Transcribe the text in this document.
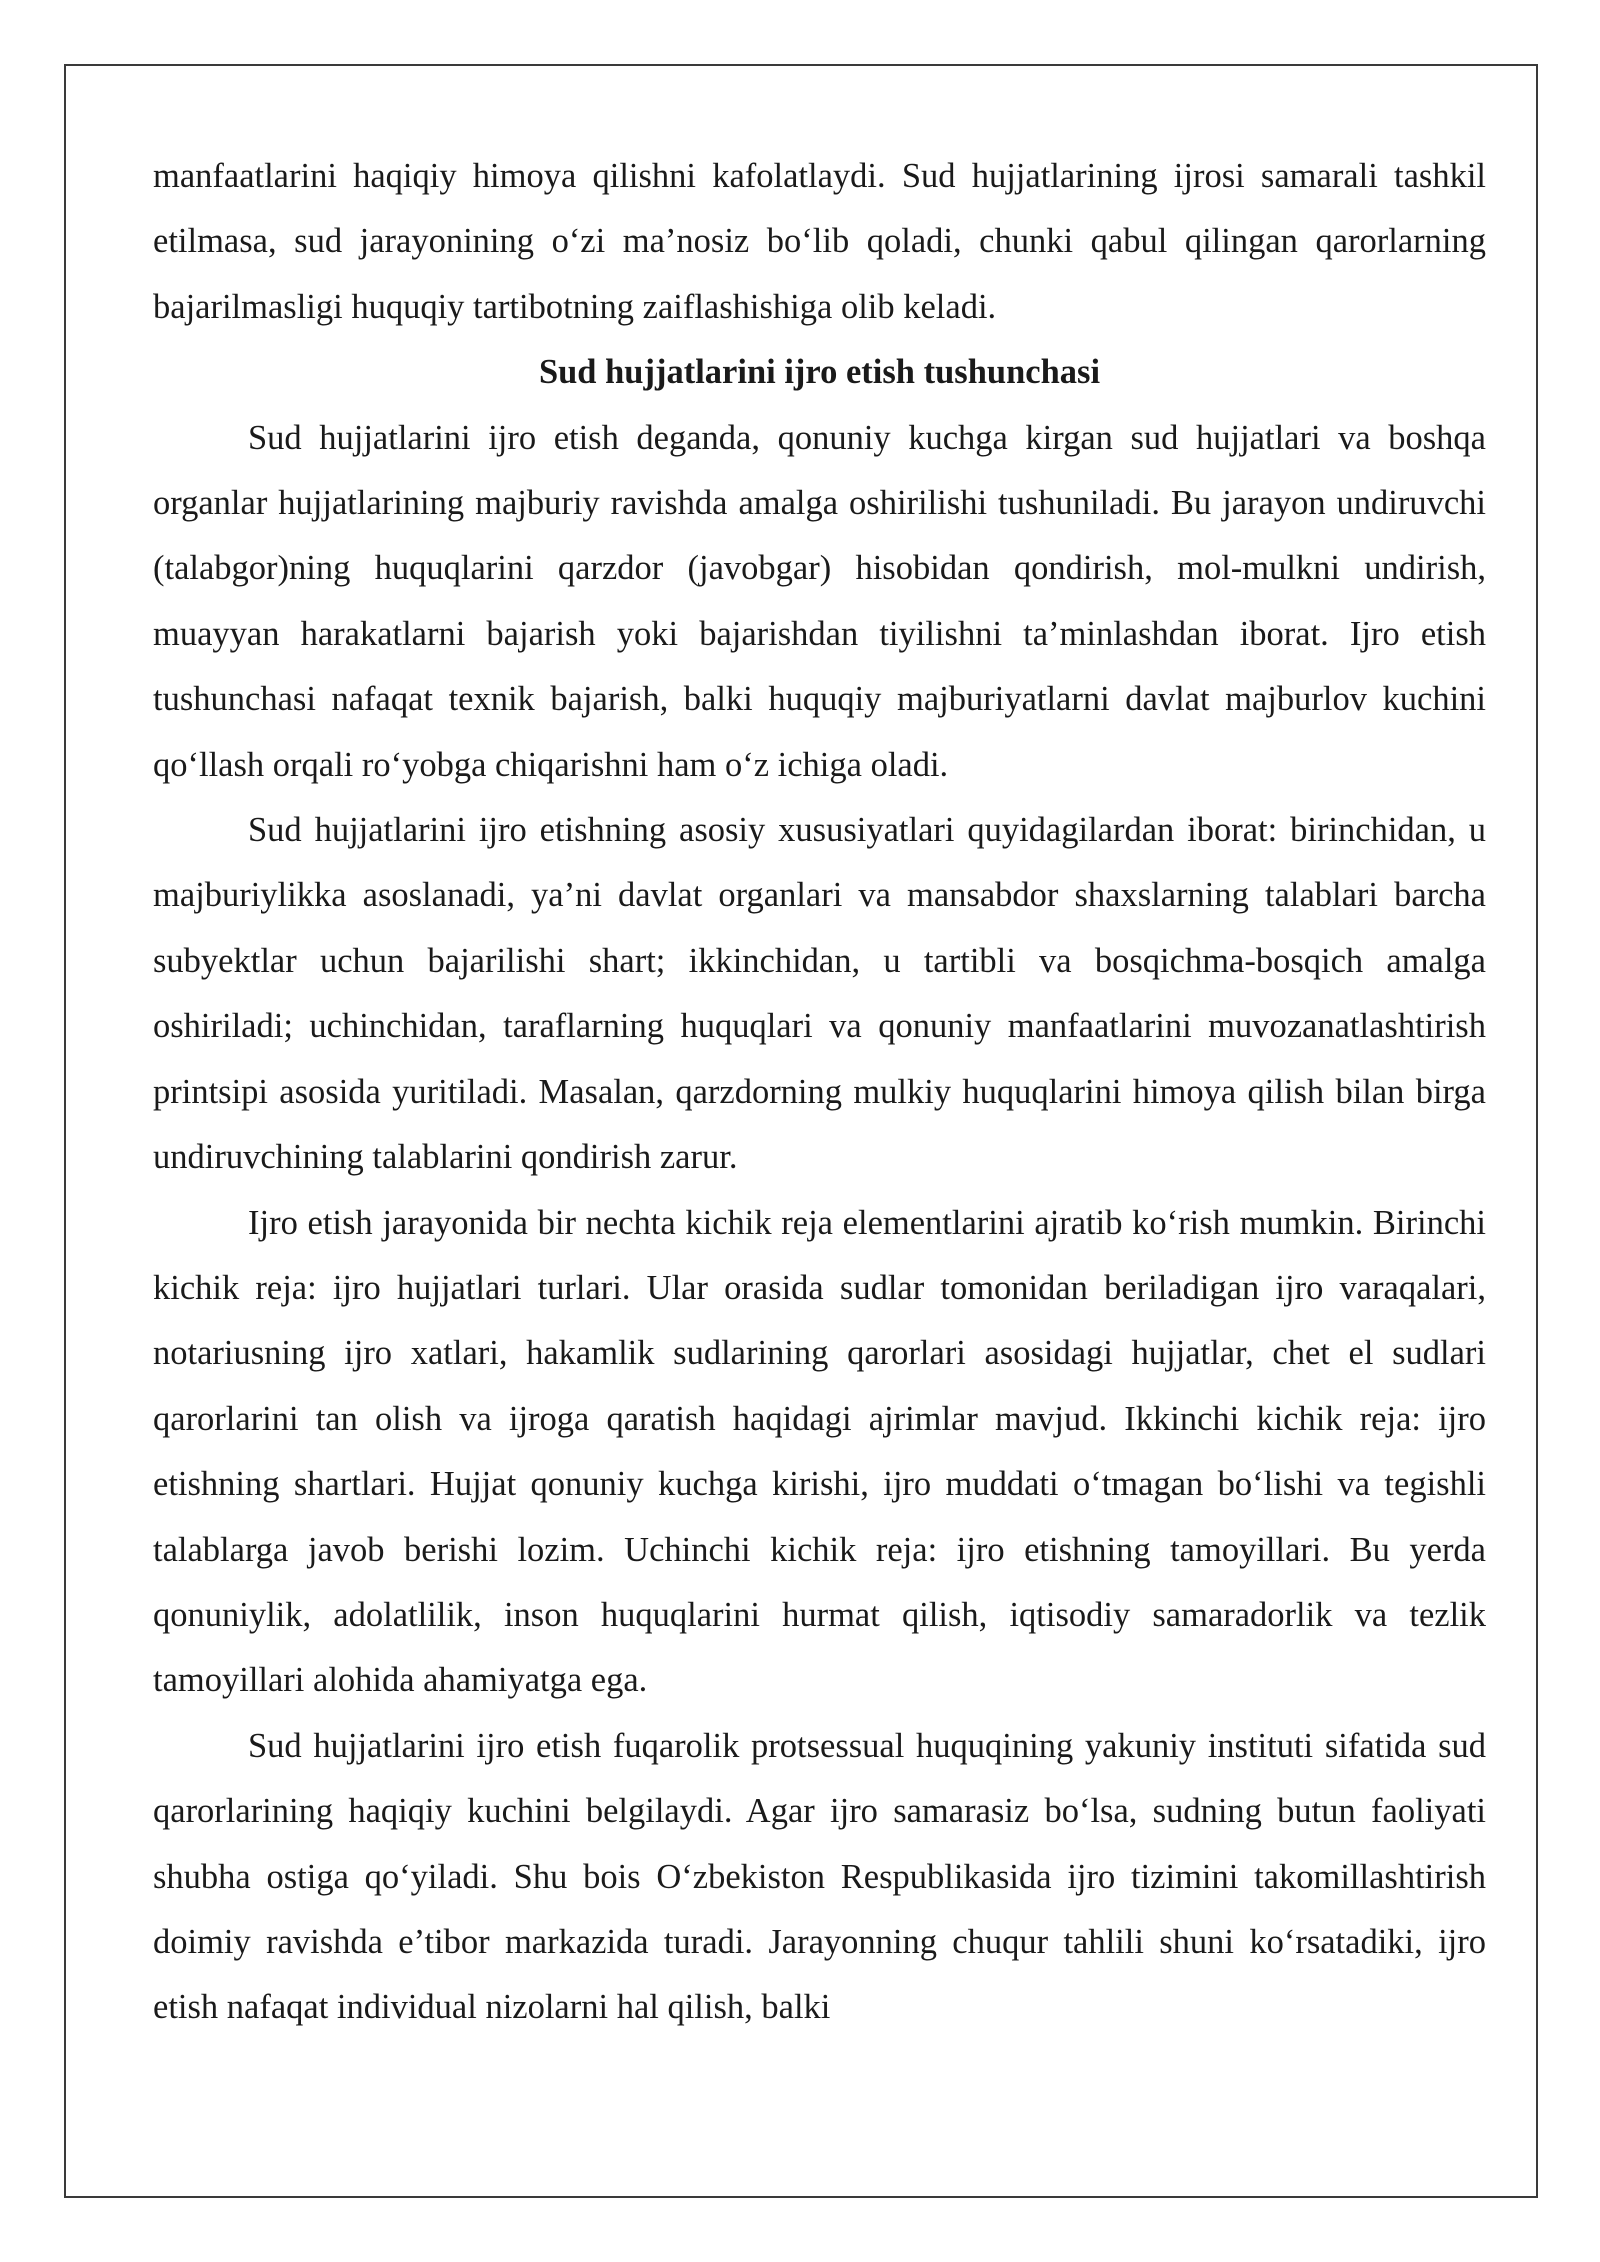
manfaatlarini haqiqiy himoya qilishni kafolatlaydi. Sud hujjatlarining ijrosi samarali tashkil etilmasa, sud jarayonining o‘zi ma’nosiz bo‘lib qoladi, chunki qabul qilingan qarorlarning bajarilmasligi huquqiy tartibotning zaiflashishiga olib keladi.

Sud hujjatlarini ijro etish tushunchasi

Sud hujjatlarini ijro etish deganda, qonuniy kuchga kirgan sud hujjatlari va boshqa organlar hujjatlarining majburiy ravishda amalga oshirilishi tushuniladi. Bu jarayon undiruvchi (talabgor)ning huquqlarini qarzdor (javobgar) hisobidan qondirish, mol-mulkni undirish, muayyan harakatlarni bajarish yoki bajarishdan tiyilishni ta’minlashdan iborat. Ijro etish tushunchasi nafaqat texnik bajarish, balki huquqiy majburiyatlarni davlat majburlov kuchini qo‘llash orqali ro‘yobga chiqarishni ham o‘z ichiga oladi.

Sud hujjatlarini ijro etishning asosiy xususiyatlari quyidagilardan iborat: birinchidan, u majburiylikka asoslanadi, ya’ni davlat organlari va mansabdor shaxslarning talablari barcha subyektlar uchun bajarilishi shart; ikkinchidan, u tartibli va bosqichma-bosqich amalga oshiriladi; uchinchidan, taraflarning huquqlari va qonuniy manfaatlarini muvozanatlashtirish printsipi asosida yuritiladi. Masalan, qarzdorning mulkiy huquqlarini himoya qilish bilan birga undiruvchining talablarini qondirish zarur.

Ijro etish jarayonida bir nechta kichik reja elementlarini ajratib ko‘rish mumkin. Birinchi kichik reja: ijro hujjatlari turlari. Ular orasida sudlar tomonidan beriladigan ijro varaqalari, notariusning ijro xatlari, hakamlik sudlarining qarorlari asosidagi hujjatlar, chet el sudlari qarorlarini tan olish va ijroga qaratish haqidagi ajrimlar mavjud. Ikkinchi kichik reja: ijro etishning shartlari. Hujjat qonuniy kuchga kirishi, ijro muddati o‘tmagan bo‘lishi va tegishli talablarga javob berishi lozim. Uchinchi kichik reja: ijro etishning tamoyillari. Bu yerda qonuniylik, adolatlilik, inson huquqlarini hurmat qilish, iqtisodiy samaradorlik va tezlik tamoyillari alohida ahamiyatga ega.

Sud hujjatlarini ijro etish fuqarolik protsessual huquqining yakuniy instituti sifatida sud qarorlarining haqiqiy kuchini belgilaydi. Agar ijro samarasiz bo‘lsa, sudning butun faoliyati shubha ostiga qo‘yiladi. Shu bois O‘zbekiston Respublikasida ijro tizimini takomillashtirish doimiy ravishda e’tibor markazida turadi. Jarayonning chuqur tahlili shuni ko‘rsatadiki, ijro etish nafaqat individual nizolarni hal qilish, balki
